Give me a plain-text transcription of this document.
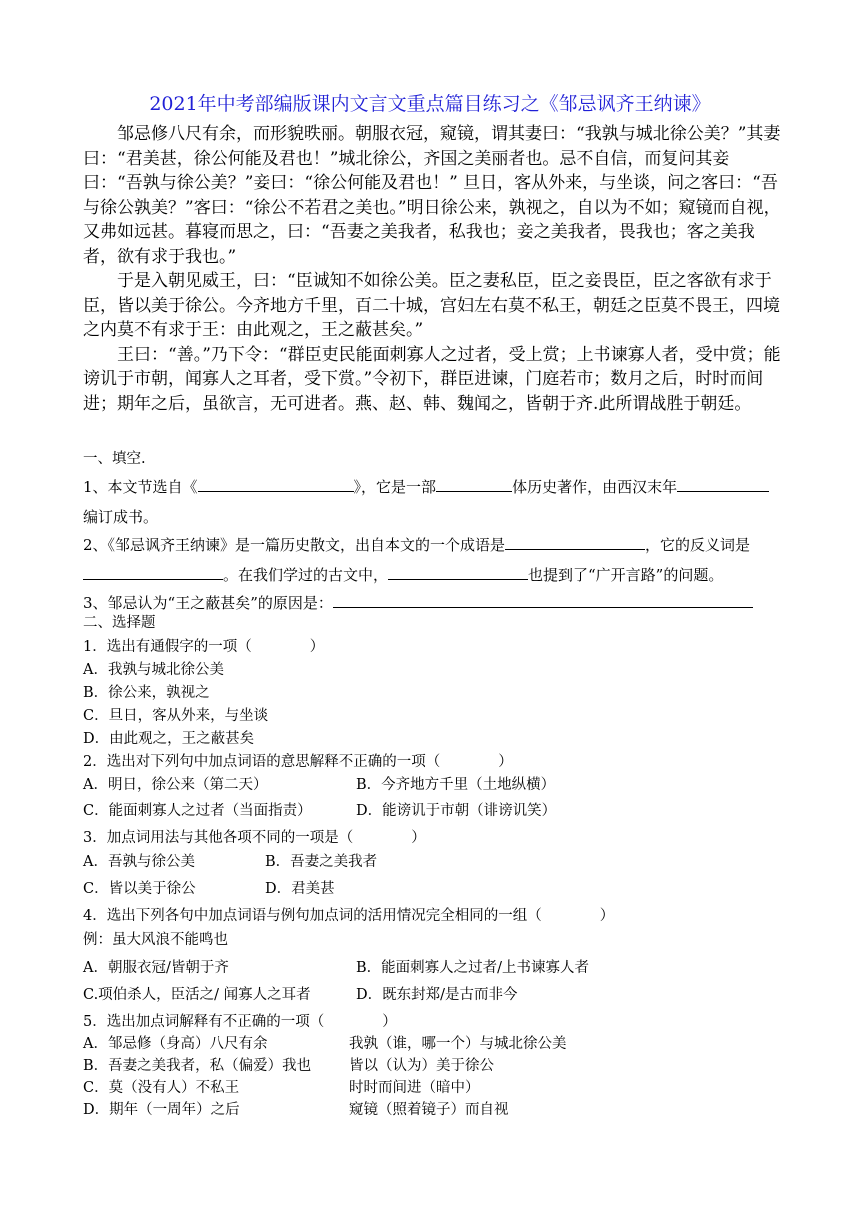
2021年中考部编版课内文言文重点篇目练习之《邹忌讽齐王纳谏》

邹忌修八尺有余，而形貌昳丽。朝服衣冠，窥镜，谓其妻曰：“我孰与城北徐公美？”其妻曰：“君美甚，徐公何能及君也！”城北徐公，齐国之美丽者也。忌不自信，而复问其妾曰：“吾孰与徐公美？”妾曰：“徐公何能及君也！” 旦日，客从外来，与坐谈，问之客曰：“吾与徐公孰美？”客曰：“徐公不若君之美也。”明日徐公来，孰视之，自以为不如；窥镜而自视，又弗如远甚。暮寝而思之，曰：“吾妻之美我者，私我也；妾之美我者，畏我也；客之美我者，欲有求于我也。”

于是入朝见威王，曰：“臣诚知不如徐公美。臣之妻私臣，臣之妾畏臣，臣之客欲有求于臣，皆以美于徐公。今齐地方千里，百二十城，宫妇左右莫不私王，朝廷之臣莫不畏王，四境之内莫不有求于王：由此观之，王之蔽甚矣。”

王曰：“善。”乃下令：“群臣吏民能面刺寡人之过者，受上赏；上书谏寡人者，受中赏；能谤讥于市朝，闻寡人之耳者，受下赏。”令初下，群臣进谏，门庭若市；数月之后，时时而间进；期年之后，虽欲言，无可进者。燕、赵、韩、魏闻之，皆朝于齐.此所谓战胜于朝廷。

一、填空.

1、本文节选自《	》，它是一部	体历史著作，由西汉末年编订成书。

2、《邹忌讽齐王纳谏》是一篇历史散文，出自本文的一个成语是	，它的反义词是。在我们学过的古文中，	也提到了“广开言路”的问题。

3、邹忌认为“王之蔽甚矣”的原因是：

二、选择题
1．选出有通假字的一项（　　　　）
A．我孰与城北徐公美
B．徐公来，孰视之
C．旦日，客从外来，与坐谈
D．由此观之，王之蔽甚矣
2．选出对下列句中加点词语的意思解释不正确的一项（　　　　）
A．明日，徐公来（第二天）	B．今齐地方千里（土地纵横）
C．能面刺寡人之过者（当面指责）	D．能谤讥于市朝（诽谤讥笑）
3．加点词用法与其他各项不同的一项是（　　　　）
A．吾孰与徐公美	B．吾妻之美我者
C．皆以美于徐公	D．君美甚
4．选出下列各句中加点词语与例句加点词的活用情况完全相同的一组（　　　　）
例：虽大风浪不能鸣也
A．朝服衣冠/皆朝于齐	B．能面刺寡人之过者/上书谏寡人者
C.项伯杀人，臣活之/ 闻寡人之耳者	D．既东封郑/是古而非今
5．选出加点词解释有不正确的一项（　　　　）
A．邹忌修（身高）八尺有余	我孰（谁，哪一个）与城北徐公美
B．吾妻之美我者，私（偏爱）我也	皆以（认为）美于徐公
C．莫（没有人）不私王	时时而间进（暗中）
D．期年（一周年）之后	窥镜（照着镜子）而自视
